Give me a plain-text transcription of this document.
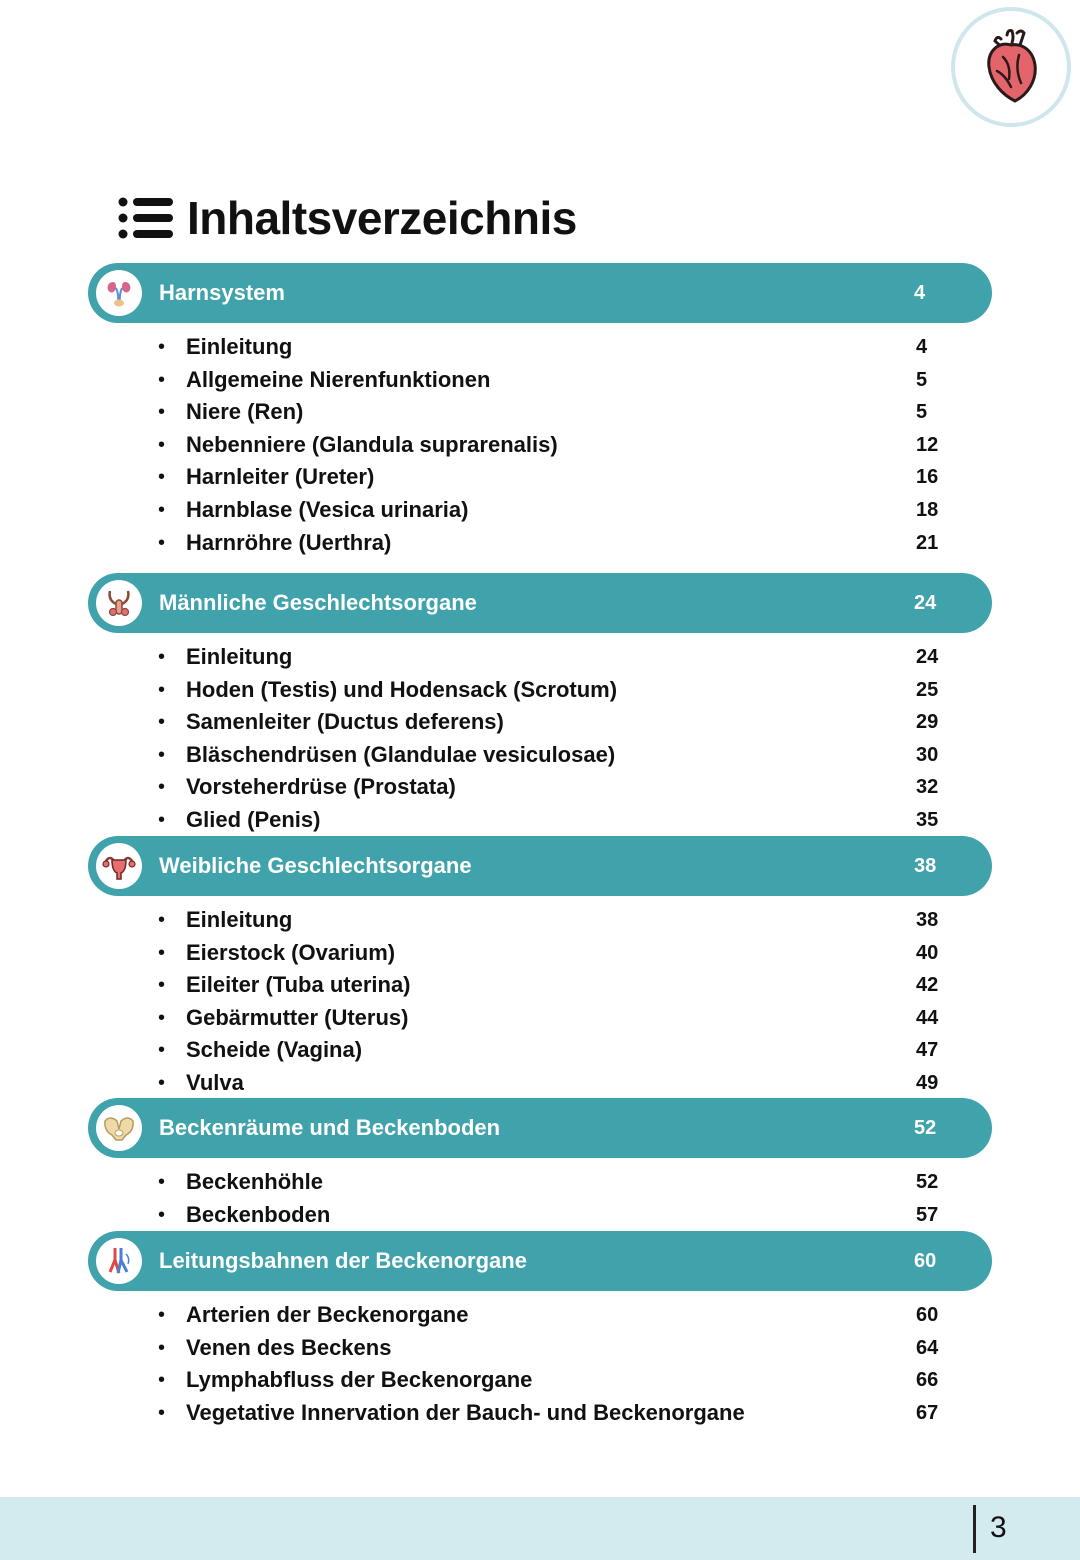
Inhaltsverzeichnis
Harnsystem	4
• Einleitung	4
• Allgemeine Nierenfunktionen	5
• Niere (Ren)	5
• Nebenniere (Glandula suprarenalis)	12
• Harnleiter (Ureter)	16
• Harnblase (Vesica urinaria)	18
• Harnröhre (Uerthra)	21
Männliche Geschlechtsorgane	24
• Einleitung	24
• Hoden (Testis) und Hodensack (Scrotum)	25
• Samenleiter (Ductus deferens)	29
• Bläschendrüsen (Glandulae vesiculosae)	30
• Vorsteherdrüse (Prostata)	32
• Glied (Penis)	35
Weibliche Geschlechtsorgane	38
• Einleitung	38
• Eierstock (Ovarium)	40
• Eileiter (Tuba uterina)	42
• Gebärmutter (Uterus)	44
• Scheide (Vagina)	47
• Vulva	49
Beckenräume und Beckenboden	52
• Beckenhöhle	52
• Beckenboden	57
Leitungsbahnen der Beckenorgane	60
• Arterien der Beckenorgane	60
• Venen des Beckens	64
• Lymphabfluss der Beckenorgane	66
• Vegetative Innervation der Bauch- und Beckenorgane	67
3
